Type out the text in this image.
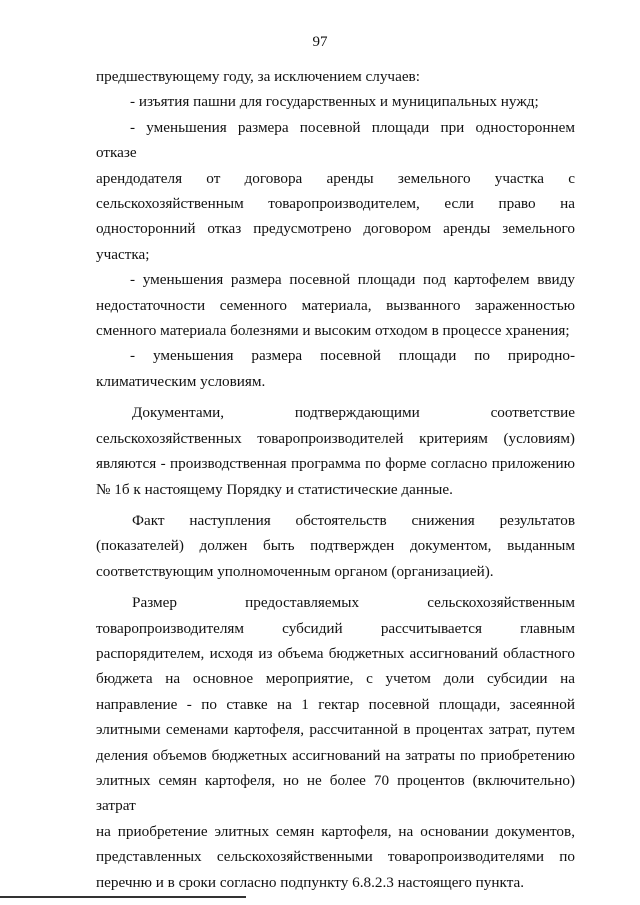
97

предшествующему году, за исключением случаев:

- изъятия пашни для государственных и муниципальных нужд;

- уменьшения размера посевной площади при одностороннем отказе

арендодателя от договора аренды земельного участка с

сельскохозяйственным товаропроизводителем, если право на

односторонний отказ предусмотрено договором аренды земельного

участка;

- уменьшения размера посевной площади под картофелем ввиду

недостаточности семенного материала, вызванного зараженностью

сменного материала болезнями и высоким отходом в процессе хранения;

- уменьшения размера посевной площади по природно-

климатическим условиям.

Документами, подтверждающими соответствие

сельскохозяйственных товаропроизводителей критериям (условиям)

являются - производственная программа по форме согласно приложению

№ 1б к настоящему Порядку и статистические данные.

Факт наступления обстоятельств снижения результатов

(показателей) должен быть подтвержден документом, выданным

соответствующим уполномоченным органом (организацией).

Размер предоставляемых сельскохозяйственным

товаропроизводителям субсидий рассчитывается главным

распорядителем, исходя из объема бюджетных ассигнований областного

бюджета на основное мероприятие, с учетом доли субсидии на

направление - по ставке на 1 гектар посевной площади, засеянной

элитными семенами картофеля, рассчитанной в процентах затрат, путем

деления объемов бюджетных ассигнований на затраты по приобретению

элитных семян картофеля, но не более 70 процентов (включительно) затрат

на приобретение элитных семян картофеля, на основании документов,

представленных сельскохозяйственными товаропроизводителями по

перечню и в сроки согласно подпункту 6.8.2.3 настоящего пункта.
